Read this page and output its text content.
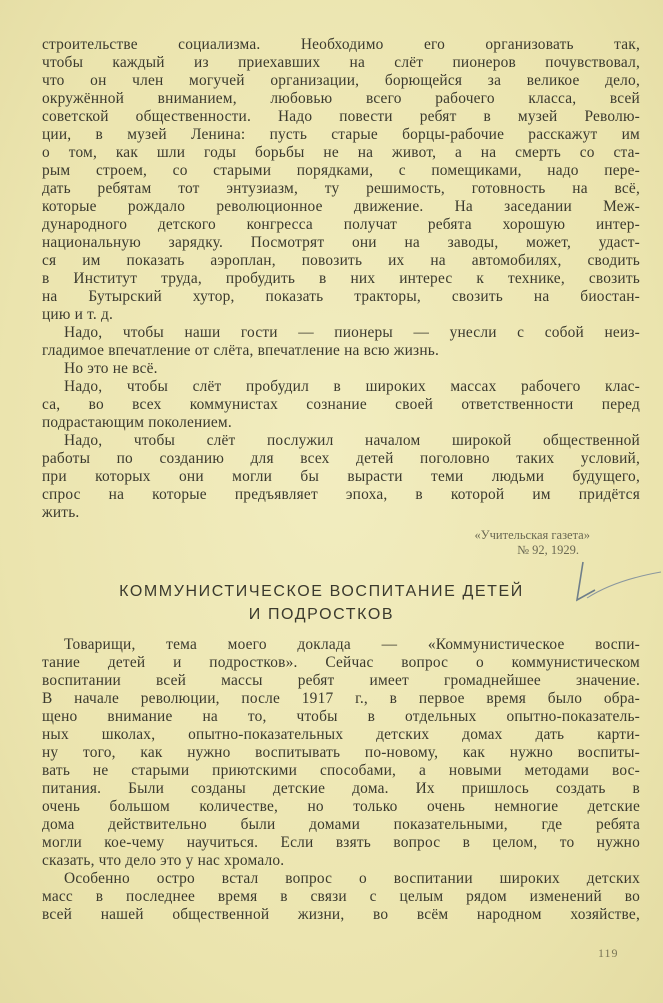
строительстве социализма. Необходимо его организовать так,
чтобы каждый из приехавших на слёт пионеров почувствовал,
что он член могучей организации, борющейся за великое дело,
окружённой вниманием, любовью всего рабочего класса, всей
советской общественности. Надо повести ребят в музей Револю-
ции, в музей Ленина: пусть старые борцы-рабочие расскажут им
о том, как шли годы борьбы не на живот, а на смерть со ста-
рым строем, со старыми порядками, с помещиками, надо пере-
дать ребятам тот энтузиазм, ту решимость, готовность на всё,
которые рождало революционное движение. На заседании Меж-
дународного детского конгресса получат ребята хорошую интер-
национальную зарядку. Посмотрят они на заводы, может, удаст-
ся им показать аэроплан, повозить их на автомобилях, сводить
в Институт труда, пробудить в них интерес к технике, свозить
на Бутырский хутор, показать тракторы, свозить на биостан-
цию и т. д.
Надо, чтобы наши гости — пионеры — унесли с собой неиз-
гладимое впечатление от слёта, впечатление на всю жизнь.
Но это не всё.
Надо, чтобы слёт пробудил в широких массах рабочего клас-
са, во всех коммунистах сознание своей ответственности перед
подрастающим поколением.
Надо, чтобы слёт послужил началом широкой общественной
работы по созданию для всех детей поголовно таких условий,
при которых они могли бы вырасти теми людьми будущего,
спрос на которые предъявляет эпоха, в которой им придётся
жить.
«Учительская газета»
№ 92, 1929.
КОММУНИСТИЧЕСКОЕ ВОСПИТАНИЕ ДЕТЕЙ
И ПОДРОСТКОВ
Товарищи, тема моего доклада — «Коммунистическое воспи-
тание детей и подростков». Сейчас вопрос о коммунистическом
воспитании всей массы ребят имеет громаднейшее значение.
В начале революции, после 1917 г., в первое время было обра-
щено внимание на то, чтобы в отдельных опытно-показатель-
ных школах, опытно-показательных детских домах дать карти-
ну того, как нужно воспитывать по-новому, как нужно воспиты-
вать не старыми приютскими способами, а новыми методами вос-
питания. Были созданы детские дома. Их пришлось создать в
очень большом количестве, но только очень немногие детские
дома действительно были домами показательными, где ребята
могли кое-чему научиться. Если взять вопрос в целом, то нужно
сказать, что дело это у нас хромало.
Особенно остро встал вопрос о воспитании широких детских
масс в последнее время в связи с целым рядом изменений во
всей нашей общественной жизни, во всём народном хозяйстве,
119
